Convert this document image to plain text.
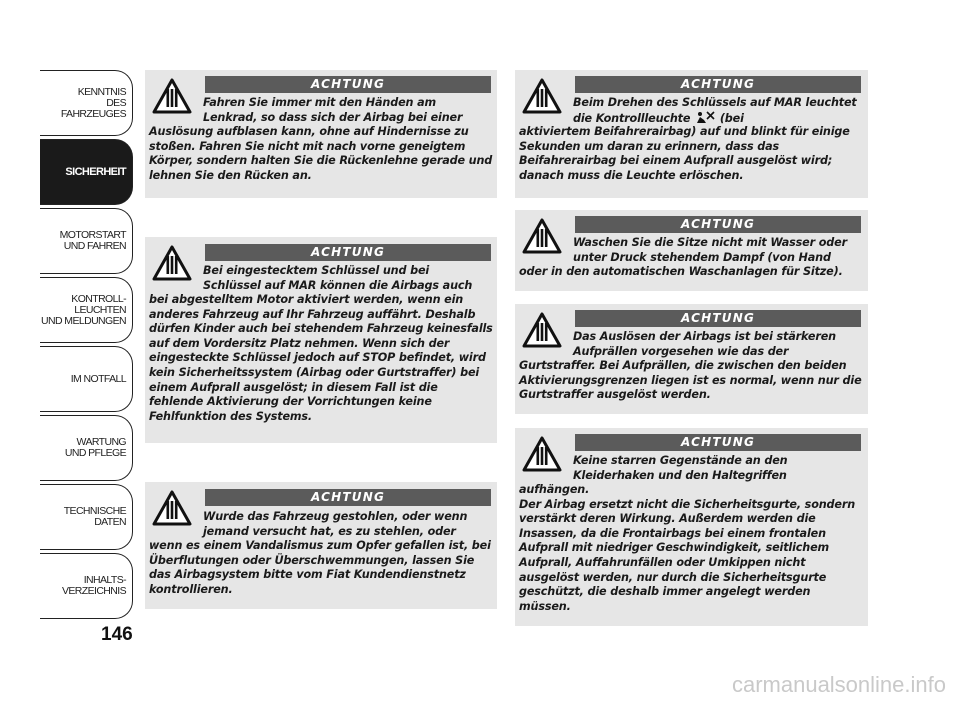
KENNTNIS
DES FAHRZEUGES
SICHERHEIT
MOTORSTART
UND FAHREN
KONTROLL-
LEUCHTEN
UND MELDUNGEN
IM NOTFALL
WARTUNG
UND PFLEGE
TECHNISCHE
DATEN
INHALTS-
VERZEICHNIS
146
ACHTUNG
Fahren Sie immer mit den Händen am Lenkrad, so dass sich der Airbag bei einer
Auslösung aufblasen kann, ohne auf Hindernisse zu stoßen. Fahren Sie nicht mit nach vorne geneigtem Körper, sondern halten Sie die Rückenlehne gerade und lehnen Sie den Rücken an.
ACHTUNG
Bei eingestecktem Schlüssel und bei Schlüssel auf MAR können die Airbags auch
bei abgestelltem Motor aktiviert werden, wenn ein anderes Fahrzeug auf Ihr Fahrzeug auffährt. Deshalb dürfen Kinder auch bei stehendem Fahrzeug keinesfalls auf dem Vordersitz Platz nehmen. Wenn sich der eingesteckte Schlüssel jedoch auf STOP befindet, wird kein Sicherheitssystem (Airbag oder Gurtstraffer) bei einem Aufprall ausgelöst; in diesem Fall ist die fehlende Aktivierung der Vorrichtungen keine Fehlfunktion des Systems.
ACHTUNG
Wurde das Fahrzeug gestohlen, oder wenn jemand versucht hat, es zu stehlen, oder
wenn es einem Vandalismus zum Opfer gefallen ist, bei Überflutungen oder Überschwemmungen, lassen Sie das Airbagsystem bitte vom Fiat Kundendienstnetz kontrollieren.
ACHTUNG
Beim Drehen des Schlüssels auf MAR leuchtet die Kontrollleuchte	(bei
aktiviertem Beifahrerairbag) auf und blinkt für einige Sekunden um daran zu erinnern, dass das Beifahrerairbag bei einem Aufprall ausgelöst wird; danach muss die Leuchte erlöschen.
ACHTUNG
Waschen Sie die Sitze nicht mit Wasser oder unter Druck stehendem Dampf (von Hand
oder in den automatischen Waschanlagen für Sitze).
ACHTUNG
Das Auslösen der Airbags ist bei stärkeren Aufprällen vorgesehen wie das der
Gurtstraffer. Bei Aufprällen, die zwischen den beiden Aktivierungsgrenzen liegen ist es normal, wenn nur die Gurtstraffer ausgelöst werden.
ACHTUNG
Keine starren Gegenstände an den Kleiderhaken und den Haltegriffen
aufhängen.
Der Airbag ersetzt nicht die Sicherheitsgurte, sondern verstärkt deren Wirkung. Außerdem werden die Insassen, da die Frontairbags bei einem frontalen Aufprall mit niedriger Geschwindigkeit, seitlichem Aufprall, Auffahrunfällen oder Umkippen nicht ausgelöst werden, nur durch die Sicherheitsgurte geschützt, die deshalb immer angelegt werden müssen.
carmanualsonline.info
